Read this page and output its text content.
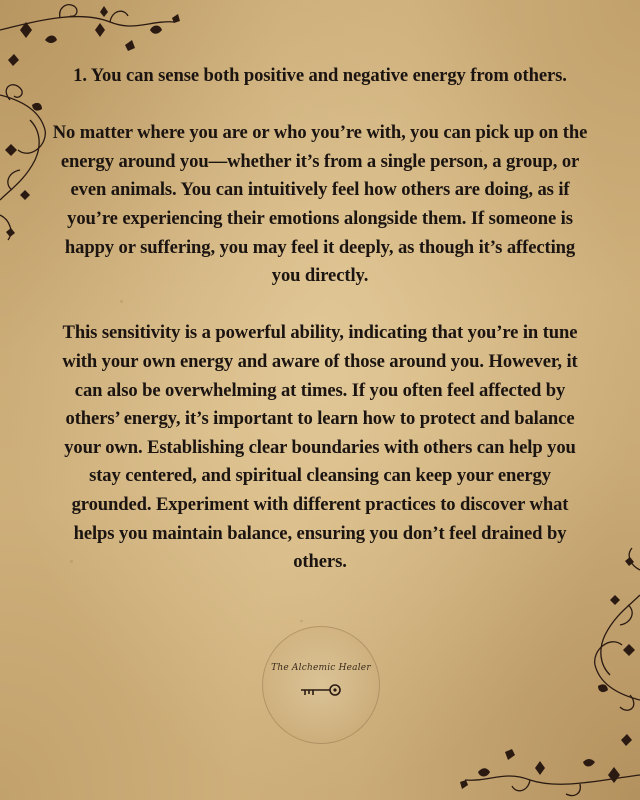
1. You can sense both positive and negative energy from others.

No matter where you are or who you’re with, you can pick up on the energy around you—whether it’s from a single person, a group, or even animals. You can intuitively feel how others are doing, as if you’re experiencing their emotions alongside them. If someone is happy or suffering, you may feel it deeply, as though it’s affecting you directly.

This sensitivity is a powerful ability, indicating that you’re in tune with your own energy and aware of those around you. However, it can also be overwhelming at times. If you often feel affected by others’ energy, it’s important to learn how to protect and balance your own. Establishing clear boundaries with others can help you stay centered, and spiritual cleansing can keep your energy grounded. Experiment with different practices to discover what helps you maintain balance, ensuring you don’t feel drained by others.

The Alchemic Healer
